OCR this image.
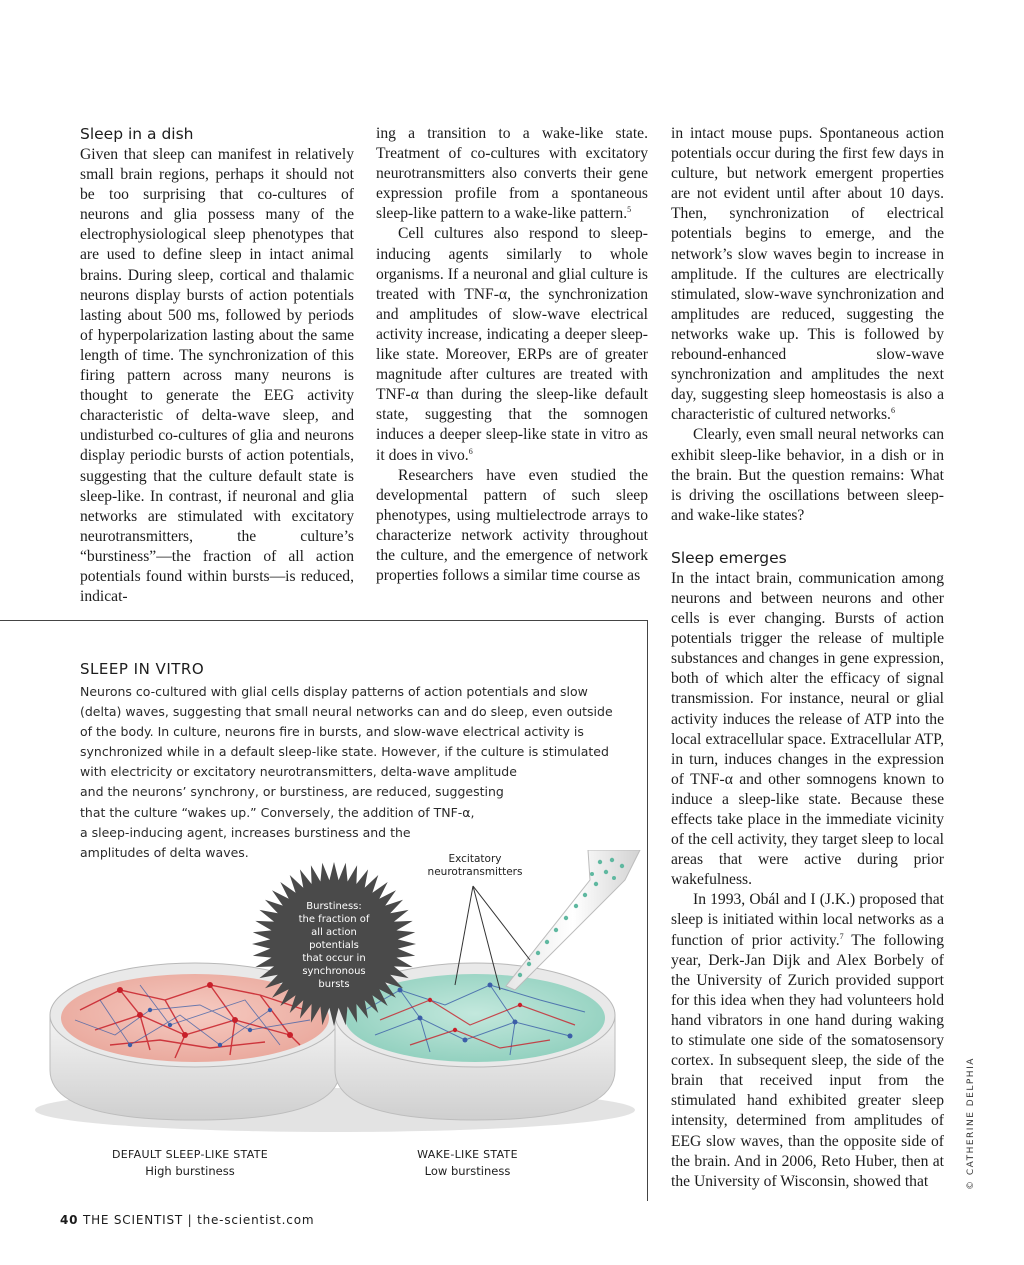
Sleep in a dish

Given that sleep can manifest in relatively small brain regions, perhaps it should not be too surprising that co-cultures of neurons and glia possess many of the electrophysiological sleep phenotypes that are used to define sleep in intact animal brains. During sleep, cortical and thalamic neurons display bursts of action potentials lasting about 500 ms, followed by periods of hyperpolarization lasting about the same length of time. The synchronization of this firing pattern across many neurons is thought to generate the EEG activity characteristic of delta-wave sleep, and undisturbed co-cultures of glia and neurons display periodic bursts of action potentials, suggesting that the culture default state is sleep-like. In contrast, if neuronal and glia networks are stimulated with excitatory neurotransmitters, the culture’s “burstiness”—the fraction of all action potentials found within bursts—is reduced, indicat-

ing a transition to a wake-like state. Treatment of co-cultures with excitatory neurotransmitters also converts their gene expression profile from a spontaneous sleep-like pattern to a wake-like pattern.$^5$

Cell cultures also respond to sleep-inducing agents similarly to whole organisms. If a neuronal and glial culture is treated with TNF-α, the synchronization and amplitudes of slow-wave electrical activity increase, indicating a deeper sleep-like state. Moreover, ERPs are of greater magnitude after cultures are treated with TNF-α than during the sleep-like default state, suggesting that the somnogen induces a deeper sleep-like state in vitro as it does in vivo.$^6$

Researchers have even studied the developmental pattern of such sleep phenotypes, using multielectrode arrays to characterize network activity throughout the culture, and the emergence of network properties follows a similar time course as

in intact mouse pups. Spontaneous action potentials occur during the first few days in culture, but network emergent properties are not evident until after about 10 days. Then, synchronization of electrical potentials begins to emerge, and the network’s slow waves begin to increase in amplitude. If the cultures are electrically stimulated, slow-wave synchronization and amplitudes are reduced, suggesting the networks wake up. This is followed by rebound-enhanced slow-wave synchronization and amplitudes the next day, suggesting sleep homeostasis is also a characteristic of cultured networks.$^6$

Clearly, even small neural networks can exhibit sleep-like behavior, in a dish or in the brain. But the question remains: What is driving the oscillations between sleep- and wake-like states?

Sleep emerges

In the intact brain, communication among neurons and between neurons and other cells is ever changing. Bursts of action potentials trigger the release of multiple substances and changes in gene expression, both of which alter the efficacy of signal transmission. For instance, neural or glial activity induces the release of ATP into the local extracellular space. Extracellular ATP, in turn, induces changes in the expression of TNF-α and other somnogens known to induce a sleep-like state. Because these effects take place in the immediate vicinity of the cell activity, they target sleep to local areas that were active during prior wakefulness.

In 1993, Obál and I (J.K.) proposed that sleep is initiated within local networks as a function of prior activity.$^7$ The following year, Derk-Jan Dijk and Alex Borbely of the University of Zurich provided support for this idea when they had volunteers hold hand vibrators in one hand during waking to stimulate one side of the somatosensory cortex. In subsequent sleep, the side of the brain that received input from the stimulated hand exhibited greater sleep intensity, determined from amplitudes of EEG slow waves, than the opposite side of the brain. And in 2006, Reto Huber, then at the University of Wisconsin, showed that

SLEEP IN VITRO

Neurons co-cultured with glial cells display patterns of action potentials and slow
(delta) waves, suggesting that small neural networks can and do sleep, even outside
of the body. In culture, neurons fire in bursts, and slow-wave electrical activity is
synchronized while in a default sleep-like state. However, if the culture is stimulated
with electricity or excitatory neurotransmitters, delta-wave amplitude
and the neurons’ synchrony, or burstiness, are reduced, suggesting
that the culture “wakes up.” Conversely, the addition of TNF-α,
a sleep-inducing agent, increases burstiness and the
amplitudes of delta waves.	Excitatory
neurotransmitters
Burstiness:
the fraction of
all action
potentials
that occur in
synchronous
bursts
DEFAULT SLEEP-LIKE STATE
High burstiness
WAKE-LIKE STATE
Low burstiness
40 THE SCIENTIST | the-scientist.com
© CATHERINE DELPHIA
